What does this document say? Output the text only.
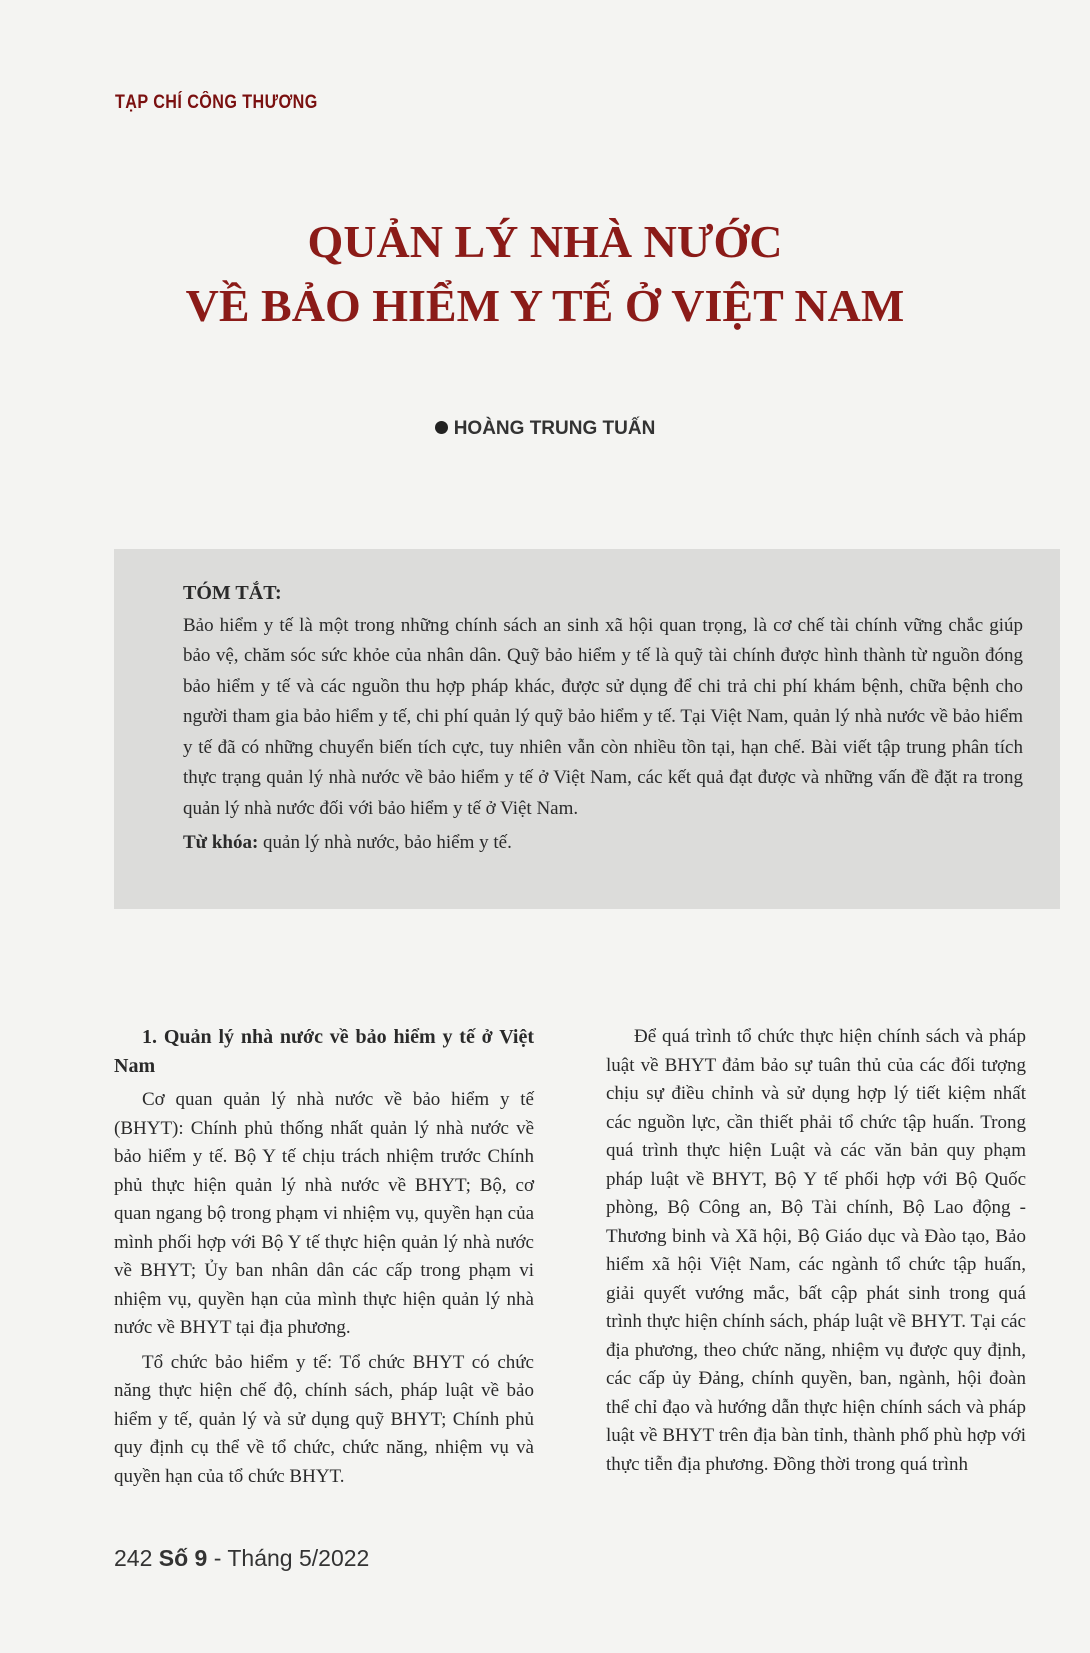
TẠP CHÍ CÔNG THƯƠNG
QUẢN LÝ NHÀ NƯỚC
VỀ BẢO HIỂM Y TẾ Ở VIỆT NAM
HOÀNG TRUNG TUẤN
TÓM TẮT:

Bảo hiểm y tế là một trong những chính sách an sinh xã hội quan trọng, là cơ chế tài chính vững chắc giúp bảo vệ, chăm sóc sức khỏe của nhân dân. Quỹ bảo hiểm y tế là quỹ tài chính được hình thành từ nguồn đóng bảo hiểm y tế và các nguồn thu hợp pháp khác, được sử dụng để chi trả chi phí khám bệnh, chữa bệnh cho người tham gia bảo hiểm y tế, chi phí quản lý quỹ bảo hiểm y tế. Tại Việt Nam, quản lý nhà nước về bảo hiểm y tế đã có những chuyển biến tích cực, tuy nhiên vẫn còn nhiều tồn tại, hạn chế. Bài viết tập trung phân tích thực trạng quản lý nhà nước về bảo hiểm y tế ở Việt Nam, các kết quả đạt được và những vấn đề đặt ra trong quản lý nhà nước đối với bảo hiểm y tế ở Việt Nam.

Từ khóa: quản lý nhà nước, bảo hiểm y tế.

1. Quản lý nhà nước về bảo hiểm y tế ở Việt Nam

Cơ quan quản lý nhà nước về bảo hiểm y tế (BHYT): Chính phủ thống nhất quản lý nhà nước về bảo hiểm y tế. Bộ Y tế chịu trách nhiệm trước Chính phủ thực hiện quản lý nhà nước về BHYT; Bộ, cơ quan ngang bộ trong phạm vi nhiệm vụ, quyền hạn của mình phối hợp với Bộ Y tế thực hiện quản lý nhà nước về BHYT; Ủy ban nhân dân các cấp trong phạm vi nhiệm vụ, quyền hạn của mình thực hiện quản lý nhà nước về BHYT tại địa phương.

Tổ chức bảo hiểm y tế: Tổ chức BHYT có chức năng thực hiện chế độ, chính sách, pháp luật về bảo hiểm y tế, quản lý và sử dụng quỹ BHYT; Chính phủ quy định cụ thể về tổ chức, chức năng, nhiệm vụ và quyền hạn của tổ chức BHYT.

Để quá trình tổ chức thực hiện chính sách và pháp luật về BHYT đảm bảo sự tuân thủ của các đối tượng chịu sự điều chỉnh và sử dụng hợp lý tiết kiệm nhất các nguồn lực, cần thiết phải tổ chức tập huấn. Trong quá trình thực hiện Luật và các văn bản quy phạm pháp luật về BHYT, Bộ Y tế phối hợp với Bộ Quốc phòng, Bộ Công an, Bộ Tài chính, Bộ Lao động - Thương binh và Xã hội, Bộ Giáo dục và Đào tạo, Bảo hiểm xã hội Việt Nam, các ngành tổ chức tập huấn, giải quyết vướng mắc, bất cập phát sinh trong quá trình thực hiện chính sách, pháp luật về BHYT. Tại các địa phương, theo chức năng, nhiệm vụ được quy định, các cấp ủy Đảng, chính quyền, ban, ngành, hội đoàn thể chỉ đạo và hướng dẫn thực hiện chính sách và pháp luật về BHYT trên địa bàn tỉnh, thành phố phù hợp với thực tiễn địa phương. Đồng thời trong quá trình

242 Số 9 - Tháng 5/2022
